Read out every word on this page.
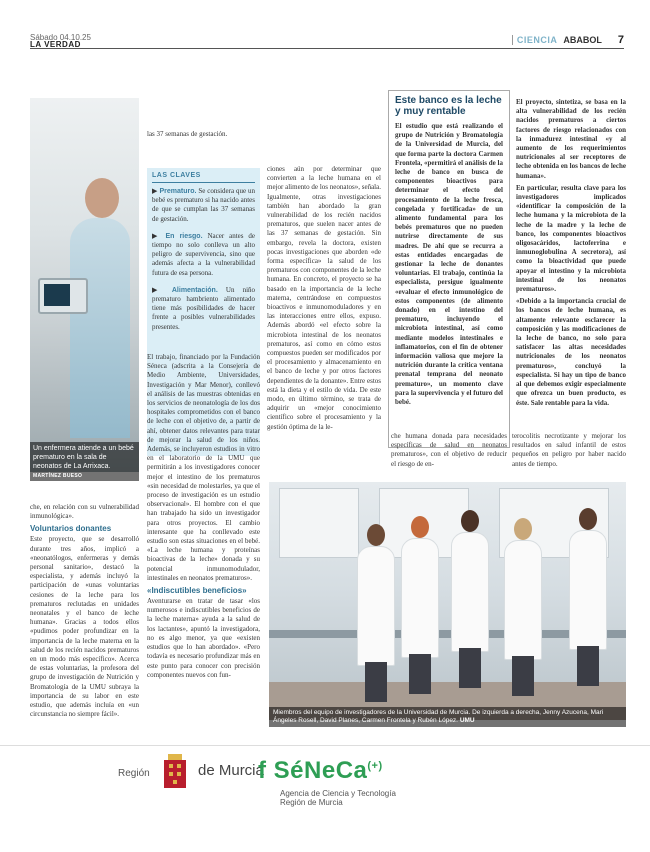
Sábado 04.10.25
LA VERDAD	CIENCIA ABABOL 7
Un enfermera atiende a un bebé prematuro en la sala de neonatos de La Arrixaca.
MARTÍNEZ BUESO
las 37 semanas de gestación.
LAS CLAVES
▶ Prematuro. Se considera que un bebé es prematuro si ha nacido antes de que se cumplan las 37 semanas de gestación.
▶ En riesgo. Nacer antes de tiempo no solo conlleva un alto peligro de supervivencia, sino que además afecta a la vulnerabilidad futura de esa persona.
▶ Alimentación. Un niño prematuro hambriento alimentado tiene más posibilidades de hacer frente a posibles vulnerabilidades presentes.
che, en relación con su vulnerabilidad inmunológica».
Voluntarios donantes
Este proyecto, que se desarrolló durante tres años, implicó a «neonatólogos, enfermeras y demás personal sanitario», destacó la especialista, y además incluyó la participación de «unas voluntarias cesiones de la leche para los prematuros reclutadas en unidades neonatales y el banco de leche humana». Gracias a todos ellos «pudimos poder profundizar en la importancia de la leche materna en la salud de los recién nacidos prematuros en un modo más específico». Acerca de estas voluntarias, la profesora del grupo de investigación de Nutrición y Bromatología de la UMU subraya la importancia de su labor en este estudio, que además incluía en «un circunstancia no siempre fácil».
El trabajo, financiado por la Fundación Séneca (adscrita a la Consejería de Medio Ambiente, Universidades, Investigación y Mar Menor), conllevó el análisis de las muestras obtenidas en los servicios de neonatología de los dos hospitales comprometidos con el banco de leche con el objetivo de, a partir de ahí, obtener datos relevantes para tratar de mejorar la salud de los niños. Además, se incluyeron estudios in vitro en el laboratorio de la UMU que permitirán a los investigadores conocer mejor el intestino de los prematuros «sin necesidad de molestarles, ya que el proceso de investigación es un estudio observacional». El hombre con el que han trabajado ha sido un investigador para otros proyectos. El cambio interesante que ha conllevado este estudio son estas situaciones en el bebé. «La leche humana y proteínas bioactivas de la leche» donada y su potencial inmunomodulador, intestinales en neonatos prematuros».
«Indiscutibles beneficios»
Aventurarse en tratar de tasar «los numerosos e indiscutibles beneficios de la leche materna» ayuda a la salud de los lactantes», apuntó la investigadora, no es algo menor, ya que «existen estudios que lo han abordado». «Pero todavía es necesario profundizar más en este punto para conocer con precisión componentes nuevos con fun-
ciones aún por determinar que convierten a la leche humana en el mejor alimento de los neonatos», señala. Igualmente, otras investigaciones también han abordado la gran vulnerabilidad de los recién nacidos prematuros, que suelen nacer antes de las 37 semanas de gestación. Sin embargo, revela la doctora, existen pocas investigaciones que aborden «de forma específica» la salud de los prematuros con componentes de la leche humana. En concreto, el proyecto se ha basado en la importancia de la leche materna, centrándose en compuestos bioactivos e inmunomoduladores y en las interacciones entre ellos, expuso. Además abordó «el efecto sobre la microbiota intestinal de los neonatos prematuros, así como en cómo estos compuestos pueden ser modificados por el procesamiento y almacenamiento en el banco de leche y por otros factores dependientes de la donante». Entre estos está la dieta y el estilo de vida. De este modo, en último término, se trata de adquirir un «mejor conocimiento científico sobre el procesamiento y la gestión óptima de la le-
Este banco es la leche y muy rentable
El estudio que está realizando el grupo de Nutrición y Bromatología de la Universidad de Murcia, del que forma parte la doctora Carmen Frontela, «permitirá el análisis de la leche de banco en busca de componentes bioactivos para determinar el efecto del procesamiento de la leche fresca, congelada y fortificada» de un alimento fundamental para los bebés prematuros que no pueden nutrirse directamente de sus madres. De ahí que se recurra a estas entidades encargadas de gestionar la leche de donantes voluntarias. El trabajo, continúa la especialista, persigue igualmente «evaluar el efecto inmunológico de estos componentes (de alimento donado) en el intestino del prematuro, incluyendo el microbiota intestinal, así como mediante modelos intestinales e inflamatorios, con el fin de obtener información valiosa que mejore la nutrición durante la crítica ventana prenatal temprana del neonato prematuro», un momento clave para la supervivencia y el futuro del bebé.
El proyecto, sintetiza, se basa en la alta vulnerabilidad de los recién nacidos prematuros a ciertos factores de riesgo relacionados con la inmadurez intestinal «y al aumento de los requerimientos nutricionales al ser receptores de leche obtenida en los bancos de leche humana».
En particular, resulta clave para los investigadores implicados «identificar la composición de la leche humana y la microbiota de la leche de la madre y la leche de banco, los componentes bioactivos oligosacáridos, lactoferrina e inmunoglobulina A secretora), así como la bioactividad que puede apoyar el intestino y la microbiota intestinal de los neonatos prematuros».
«Debido a la importancia crucial de los bancos de leche humana, es altamente relevante esclarecer la composición y las modificaciones de la leche de banco, no solo para satisfacer las altas necesidades nutricionales de los neonatos prematuros», concluyó la especialista. Si hay un tipo de banco al que debemos exigir especialmente que ofrezca un buen producto, es éste. Sale rentable para la vida.
che humana donada para necesidades específicas de salud en neonatos prematuros», con el objetivo de reducir el riesgo de en-
terocolitis necrotizante y mejorar los resultados en salud infantil de estos pequeños en peligro por haber nacido antes de tiempo.
Miembros del equipo de investigadores de la Universidad de Murcia. De izquierda a derecha, Jenny Azucena, Mari Ángeles Rosell, David Planes, Carmen Frontela y Rubén López. UMU
Región	de Murcia
f SéNeCa(+)
Agencia de Ciencia y Tecnología
Región de Murcia
